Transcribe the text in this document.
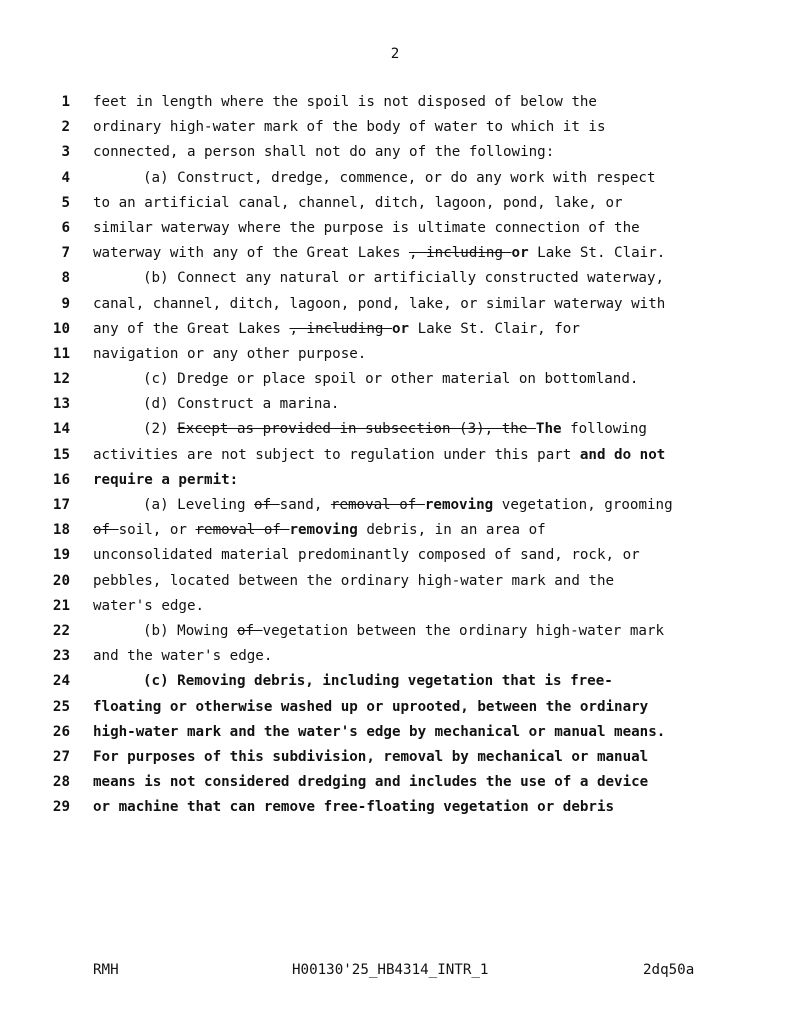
2
1 feet in length where the spoil is not disposed of below the
2 ordinary high-water mark of the body of water to which it is
3 connected, a person shall not do any of the following:
4	(a) Construct, dredge, commence, or do any work with respect
5 to an artificial canal, channel, ditch, lagoon, pond, lake, or
6 similar waterway where the purpose is ultimate connection of the
7 waterway with any of the Great Lakes , including or Lake St. Clair.
8	(b) Connect any natural or artificially constructed waterway,
9 canal, channel, ditch, lagoon, pond, lake, or similar waterway with
10 any of the Great Lakes , including or Lake St. Clair, for
11 navigation or any other purpose.
12	(c) Dredge or place spoil or other material on bottomland.
13	(d) Construct a marina.
14	(2) Except as provided in subsection (3), the The following
15 activities are not subject to regulation under this part and do not
16 require a permit:
17	(a) Leveling of sand, removal of removing vegetation, grooming
18 of soil, or removal of removing debris, in an area of
19 unconsolidated material predominantly composed of sand, rock, or
20 pebbles, located between the ordinary high-water mark and the
21 water's edge.
22	(b) Mowing of vegetation between the ordinary high-water mark
23 and the water's edge.
24	(c) Removing debris, including vegetation that is free-
25 floating or otherwise washed up or uprooted, between the ordinary
26 high-water mark and the water's edge by mechanical or manual means.
27 For purposes of this subdivision, removal by mechanical or manual
28 means is not considered dredging and includes the use of a device
29 or machine that can remove free-floating vegetation or debris
RMH	H00130'25_HB4314_INTR_1	2dq50a
